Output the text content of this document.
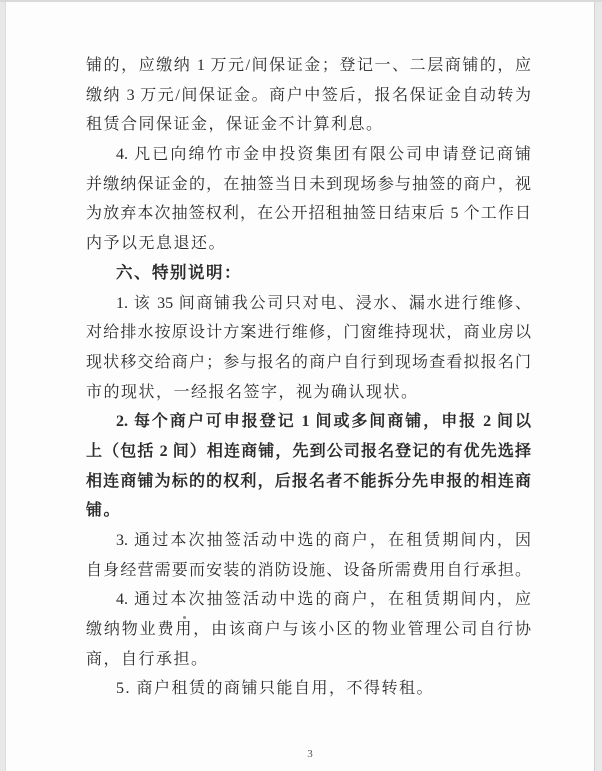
铺的，应缴纳 1 万元/间保证金；登记一、二层商铺的，应
缴纳 3 万元/间保证金。商户中签后，报名保证金自动转为
租赁合同保证金，保证金不计算利息。
4. 凡已向绵竹市金申投资集团有限公司申请登记商铺
并缴纳保证金的，在抽签当日未到现场参与抽签的商户，视
为放弃本次抽签权利，在公开招租抽签日结束后 5 个工作日
内予以无息退还。
六、特别说明：
1. 该 35 间商铺我公司只对电、浸水、漏水进行维修、
对给排水按原设计方案进行维修，门窗维持现状，商业房以
现状移交给商户；参与报名的商户自行到现场查看拟报名门
市的现状，一经报名签字，视为确认现状。
2. 每个商户可申报登记 1 间或多间商铺，申报 2 间以
上（包括 2 间）相连商铺，先到公司报名登记的有优先选择
相连商铺为标的的权利，后报名者不能拆分先申报的相连商
铺。
3. 通过本次抽签活动中选的商户，在租赁期间内，因
自身经营需要而安装的消防设施、设备所需费用自行承担。
4. 通过本次抽签活动中选的商户，在租赁期间内，应
缴纳物业费用，由该商户与该小区的物业管理公司自行协
商，自行承担。
5. 商户租赁的商铺只能自用，不得转租。
3
